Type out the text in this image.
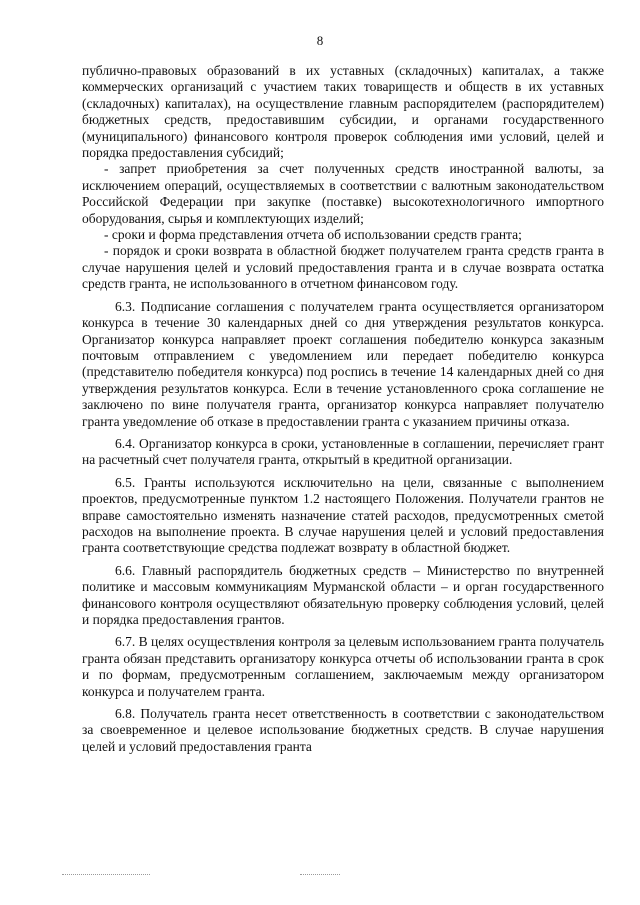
8

публично-правовых образований в их уставных (складочных) капиталах, а также коммерческих организаций с участием таких товариществ и обществ в их уставных (складочных) капиталах), на осуществление главным распорядителем (распорядителем) бюджетных средств, предоставившим субсидии, и органами государственного (муниципального) финансового контроля проверок соблюдения ими условий, целей и порядка предоставления субсидий;

- запрет приобретения за счет полученных средств иностранной валюты, за исключением операций, осуществляемых в соответствии с валютным законодательством Российской Федерации при закупке (поставке) высокотехнологичного импортного оборудования, сырья и комплектующих изделий;

- сроки и форма представления отчета об использовании средств гранта;

- порядок и сроки возврата в областной бюджет получателем гранта средств гранта в случае нарушения целей и условий предоставления гранта и в случае возврата остатка средств гранта, не использованного в отчетном финансовом году.

6.3. Подписание соглашения с получателем гранта осуществляется организатором конкурса в течение 30 календарных дней со дня утверждения результатов конкурса. Организатор конкурса направляет проект соглашения победителю конкурса заказным почтовым отправлением с уведомлением или передает победителю конкурса (представителю победителя конкурса) под роспись в течение 14 календарных дней со дня утверждения результатов конкурса. Если в течение установленного срока соглашение не заключено по вине получателя гранта, организатор конкурса направляет получателю гранта уведомление об отказе в предоставлении гранта с указанием причины отказа.

6.4. Организатор конкурса в сроки, установленные в соглашении, перечисляет грант на расчетный счет получателя гранта, открытый в кредитной организации.

6.5. Гранты используются исключительно на цели, связанные с выполнением проектов, предусмотренные пунктом 1.2 настоящего Положения. Получатели грантов не вправе самостоятельно изменять назначение статей расходов, предусмотренных сметой расходов на выполнение проекта. В случае нарушения целей и условий предоставления гранта соответствующие средства подлежат возврату в областной бюджет.

6.6. Главный распорядитель бюджетных средств – Министерство по внутренней политике и массовым коммуникациям Мурманской области – и орган государственного финансового контроля осуществляют обязательную проверку соблюдения условий, целей и порядка предоставления грантов.

6.7. В целях осуществления контроля за целевым использованием гранта получатель гранта обязан представить организатору конкурса отчеты об использовании гранта в срок и по формам, предусмотренным соглашением, заключаемым между организатором конкурса и получателем гранта.

6.8. Получатель гранта несет ответственность в соответствии с законодательством за своевременное и целевое использование бюджетных средств. В случае нарушения целей и условий предоставления гранта
